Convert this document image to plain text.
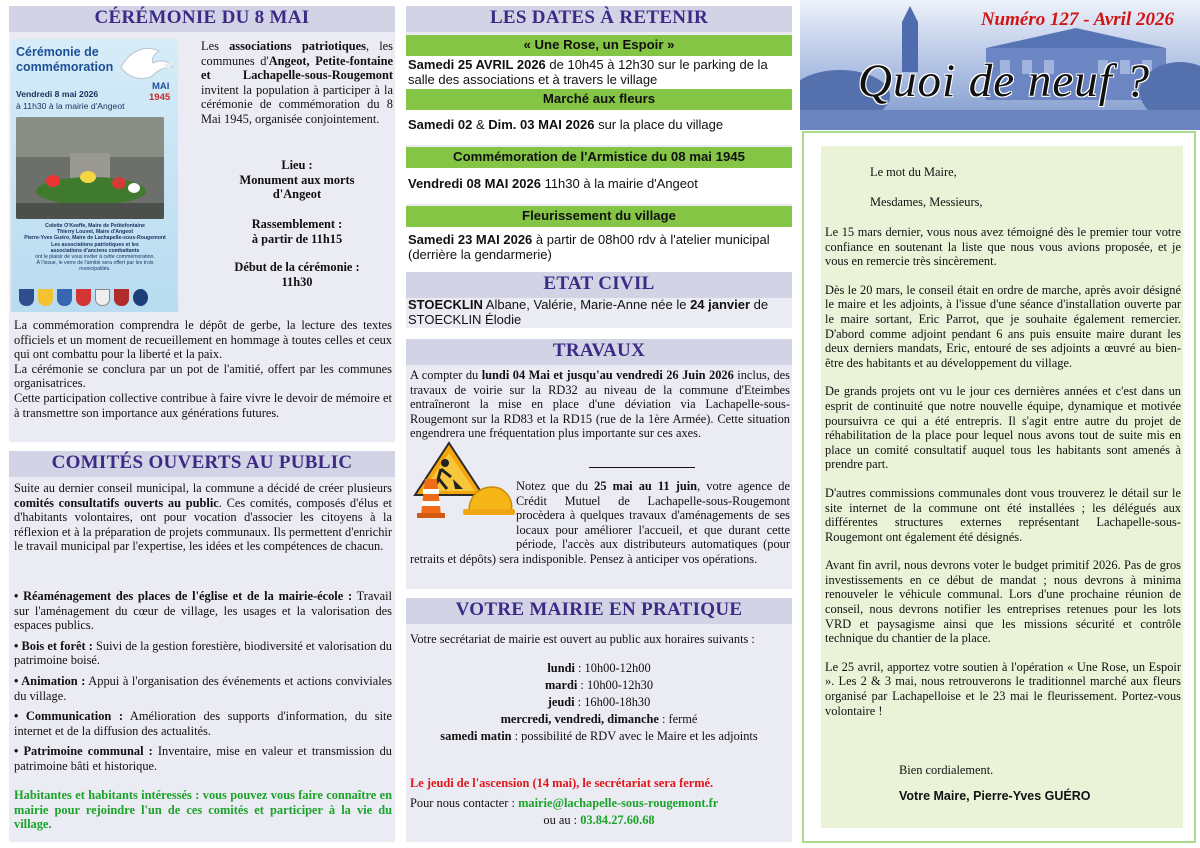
CÉRÉMONIE DU 8 MAI
Cérémonie de
commémoration
MAI
1945
Vendredi 8 mai 2026
à 11h30 à la mairie d'Angeot
Colette O'Keeffe, Maire de Petitefontaine
Thierry Louvet, Maire d'Angeot
Pierre-Yves Guéro, Maire de Lachapelle-sous-Rougemont
Les associations patriotiques et les
associations d'anciens combattants
ont le plaisir de vous inviter à cette commémoration.
À l'issue, le verre de l'amitié sera offert par les trois
municipalités.
Les associations patriotiques, les communes d'Angeot, Petite-fontaine et Lachapelle-sous-Rougemont invitent la population à participer à la cérémonie de commémoration du 8 Mai 1945, organisée conjointement.
Lieu :
Monument aux morts d'Angeot
Rassemblement :
à partir de 11h15
Début de la cérémonie :
11h30
La commémoration comprendra le dépôt de gerbe, la lecture des textes officiels et un moment de recueillement en hommage à toutes celles et ceux qui ont combattu pour la liberté et la paix.
La cérémonie se conclura par un pot de l'amitié, offert par les communes organisatrices.
Cette participation collective contribue à faire vivre le devoir de mémoire et à transmettre son importance aux générations futures.
COMITÉS OUVERTS AU PUBLIC
Suite au dernier conseil municipal, la commune a décidé de créer plusieurs comités consultatifs ouverts au public. Ces comités, composés d'élus et d'habitants volontaires, ont pour vocation d'associer les citoyens à la réflexion et à la préparation de projets communaux. Ils permettent d'enrichir le travail municipal par l'expertise, les idées et les compétences de chacun.
• Réaménagement des places de l'église et de la mairie-école : Travail sur l'aménagement du cœur de village, les usages et la valorisation des espaces publics.
• Bois et forêt : Suivi de la gestion forestière, biodiversité et valorisation du patrimoine boisé.
• Animation : Appui à l'organisation des événements et actions conviviales du village.
• Communication : Amélioration des supports d'information, du site internet et de la diffusion des actualités.
• Patrimoine communal : Inventaire, mise en valeur et transmission du patrimoine bâti et historique.
Habitantes et habitants intéressés : vous pouvez vous faire connaître en mairie pour rejoindre l'un de ces comités et participer à la vie du village.
LES DATES À RETENIR
« Une Rose, un Espoir »
Samedi 25 AVRIL 2026 de 10h45 à 12h30 sur le parking de la salle des associations et à travers le village
Marché aux fleurs
Samedi 02 & Dim. 03 MAI 2026 sur la place du village
Commémoration de l'Armistice du 08 mai 1945
Vendredi 08 MAI 2026 11h30 à la mairie d'Angeot
Fleurissement du village
Samedi 23 MAI 2026 à partir de 08h00 rdv à l'atelier municipal (derrière la gendarmerie)
ETAT CIVIL
STOECKLIN Albane, Valérie, Marie-Anne née le 24 janvier de STOECKLIN Élodie
TRAVAUX
A compter du lundi 04 Mai et jusqu'au vendredi 26 Juin 2026 inclus, des travaux de voirie sur la RD32 au niveau de la commune d'Eteimbes entraîneront la mise en place d'une déviation via Lachapelle-sous-Rougemont sur la RD83 et la RD15 (rue de la 1ère Armée). Cette situation engendrera une fréquentation plus importante sur ces axes.
Notez que du 25 mai au 11 juin, votre agence de Crédit Mutuel de Lachapelle-sous-Rougemont procèdera à quelques travaux d'aménagements de ses locaux pour améliorer l'accueil, et que durant cette période, l'accès aux distributeurs automatiques (pour retraits et dépôts) sera indisponible. Pensez à anticiper vos opérations.
VOTRE MAIRIE EN PRATIQUE
Votre secrétariat de mairie est ouvert au public aux horaires suivants :
lundi : 10h00-12h00
mardi : 10h00-12h30
jeudi : 16h00-18h30
mercredi, vendredi, dimanche : fermé
samedi matin : possibilité de RDV avec le Maire et les adjoints
Le jeudi de l'ascension (14 mai), le secrétariat sera fermé.
Pour nous contacter : mairie@lachapelle-sous-rougemont.fr
ou au : 03.84.27.60.68
Numéro 127 - Avril 2026
Quoi de neuf ?
Le mot du Maire,
Mesdames, Messieurs,
Le 15 mars dernier, vous nous avez témoigné dès le premier tour votre confiance en soutenant la liste que nous vous avions proposée, et je vous en remercie très sincèrement.
Dès le 20 mars, le conseil était en ordre de marche, après avoir désigné le maire et les adjoints, à l'issue d'une séance d'installation ouverte par le maire sortant, Eric Parrot, que je souhaite également remercier. D'abord comme adjoint pendant 6 ans puis ensuite maire durant les deux derniers mandats, Eric, entouré de ses adjoints a œuvré au bien-être des habitants et au développement du village.
De grands projets ont vu le jour ces dernières années et c'est dans un esprit de continuité que notre nouvelle équipe, dynamique et motivée poursuivra ce qui a été entrepris. Il s'agit entre autre du projet de réhabilitation de la place pour lequel nous avons tout de suite mis en place un comité consultatif auquel tous les habitants sont amenés à prendre part.
D'autres commissions communales dont vous trouverez le détail sur le site internet de la commune ont été installées ; les délégués aux différentes structures externes représentant Lachapelle-sous-Rougemont ont également été désignés.
Avant fin avril, nous devrons voter le budget primitif 2026. Pas de gros investissements en ce début de mandat ; nous devrons à minima renouveler le véhicule communal. Lors d'une prochaine réunion de conseil, nous devrons notifier les entreprises retenues pour les lots VRD et paysagisme ainsi que les missions sécurité et contrôle technique du chantier de la place.
Le 25 avril, apportez votre soutien à l'opération « Une Rose, un Espoir ». Les 2 & 3 mai, nous retrouverons le traditionnel marché aux fleurs organisé par Lachapelloise et le 23 mai le fleurissement. Portez-vous volontaire !
Bien cordialement.
Votre Maire, Pierre-Yves GUÉRO
